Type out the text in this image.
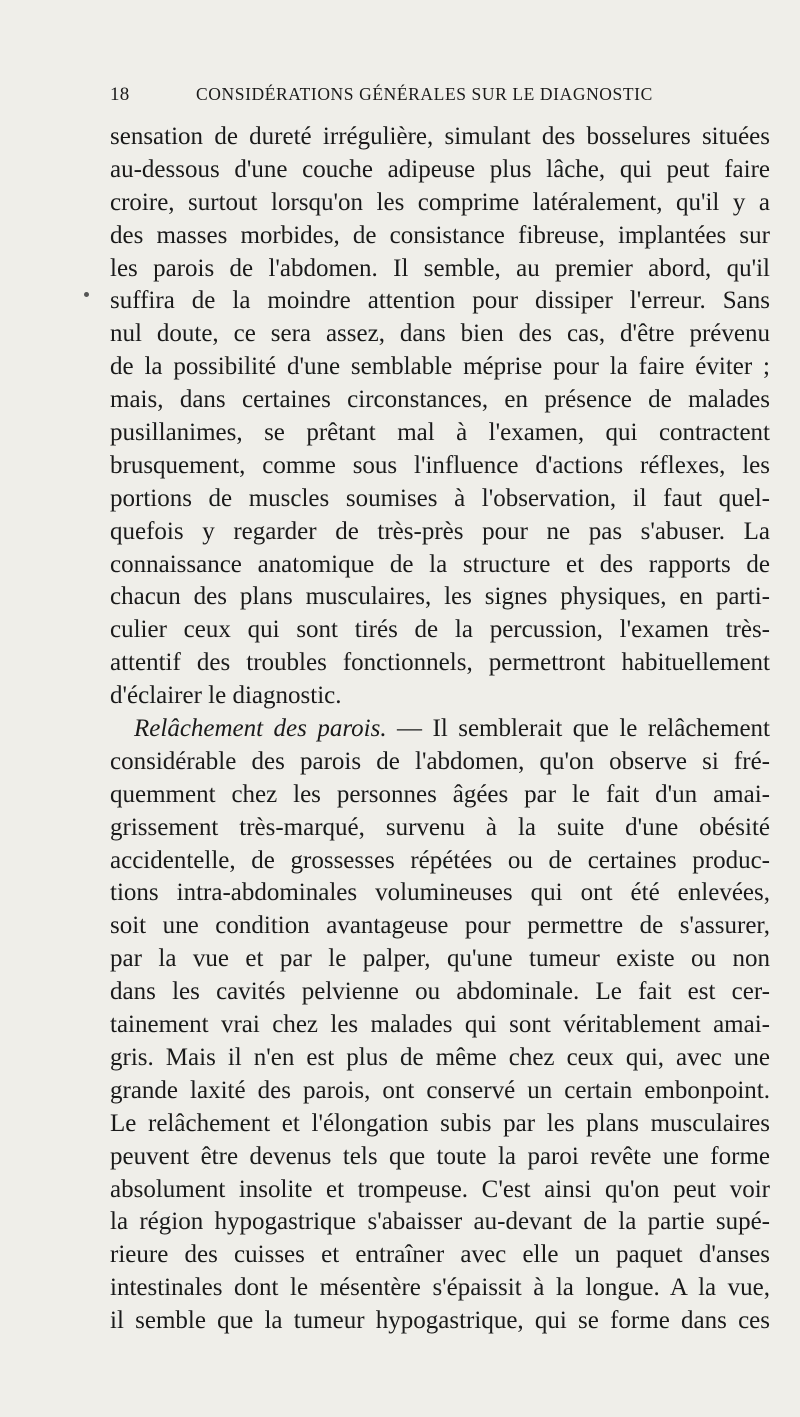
18	CONSIDÉRATIONS GÉNÉRALES SUR LE DIAGNOSTIC
sensation de dureté irrégulière, simulant des bosselures situées
au-dessous d'une couche adipeuse plus lâche, qui peut faire
croire, surtout lorsqu'on les comprime latéralement, qu'il y a
des masses morbides, de consistance fibreuse, implantées sur
les parois de l'abdomen. Il semble, au premier abord, qu'il
suffira de la moindre attention pour dissiper l'erreur. Sans
nul doute, ce sera assez, dans bien des cas, d'être prévenu
de la possibilité d'une semblable méprise pour la faire éviter ;
mais, dans certaines circonstances, en présence de malades
pusillanimes, se prêtant mal à l'examen, qui contractent
brusquement, comme sous l'influence d'actions réflexes, les
portions de muscles soumises à l'observation, il faut quel-
quefois y regarder de très-près pour ne pas s'abuser. La
connaissance anatomique de la structure et des rapports de
chacun des plans musculaires, les signes physiques, en parti-
culier ceux qui sont tirés de la percussion, l'examen très-
attentif des troubles fonctionnels, permettront habituellement
d'éclairer le diagnostic.
Relâchement des parois. — Il semblerait que le relâchement
considérable des parois de l'abdomen, qu'on observe si fré-
quemment chez les personnes âgées par le fait d'un amai-
grissement très-marqué, survenu à la suite d'une obésité
accidentelle, de grossesses répétées ou de certaines produc-
tions intra-abdominales volumineuses qui ont été enlevées,
soit une condition avantageuse pour permettre de s'assurer,
par la vue et par le palper, qu'une tumeur existe ou non
dans les cavités pelvienne ou abdominale. Le fait est cer-
tainement vrai chez les malades qui sont véritablement amai-
gris. Mais il n'en est plus de même chez ceux qui, avec une
grande laxité des parois, ont conservé un certain embonpoint.
Le relâchement et l'élongation subis par les plans musculaires
peuvent être devenus tels que toute la paroi revête une forme
absolument insolite et trompeuse. C'est ainsi qu'on peut voir
la région hypogastrique s'abaisser au-devant de la partie supé-
rieure des cuisses et entraîner avec elle un paquet d'anses
intestinales dont le mésentère s'épaissit à la longue. A la vue,
il semble que la tumeur hypogastrique, qui se forme dans ces
